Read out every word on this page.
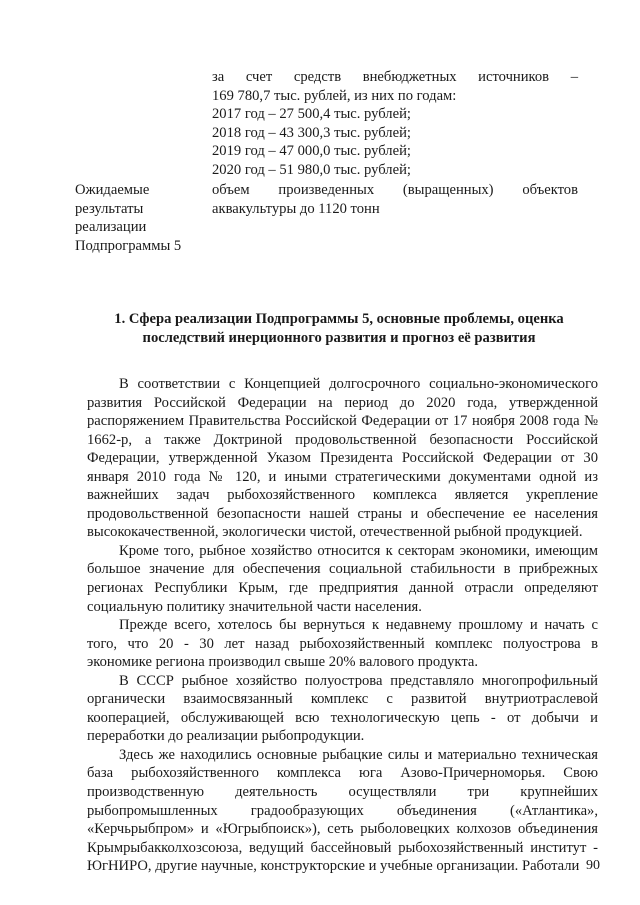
за счет средств внебюджетных источников –
169 780,7 тыс. рублей, из них по годам:
2017 год – 27 500,4 тыс. рублей;
2018 год – 43 300,3 тыс. рублей;
2019 год – 47 000,0 тыс. рублей;
2020 год – 51 980,0 тыс. рублей;
Ожидаемые
результаты
реализации
Подпрограммы 5
объем произведенных (выращенных) объектов
аквакультуры до 1120 тонн
1. Сфера реализации Подпрограммы 5, основные проблемы, оценка
последствий инерционного развития и прогноз её развития

В соответствии с Концепцией долгосрочного социально-экономического развития Российской Федерации на период до 2020 года, утвержденной распоряжением Правительства Российской Федерации от 17 ноября 2008 года № 1662-р, а также Доктриной продовольственной безопасности Российской Федерации, утвержденной Указом Президента Российской Федерации от 30 января 2010 года № 120, и иными стратегическими документами одной из важнейших задач рыбохозяйственного комплекса является укрепление продовольственной безопасности нашей страны и обеспечение ее населения высококачественной, экологически чистой, отечественной рыбной продукцией.

Кроме того, рыбное хозяйство относится к секторам экономики, имеющим большое значение для обеспечения социальной стабильности в прибрежных регионах Республики Крым, где предприятия данной отрасли определяют социальную политику значительной части населения.

Прежде всего, хотелось бы вернуться к недавнему прошлому и начать с того, что 20 - 30 лет назад рыбохозяйственный комплекс полуострова в экономике региона производил свыше 20% валового продукта.

В СССР рыбное хозяйство полуострова представляло многопрофильный органически взаимосвязанный комплекс с развитой внутриотраслевой кооперацией, обслуживающей всю технологическую цепь - от добычи и переработки до реализации рыбопродукции.

Здесь же находились основные рыбацкие силы и материально техническая база рыбохозяйственного комплекса юга Азово-Причерноморья. Свою производственную деятельность осуществляли три крупнейших рыбопромышленных градообразующих объединения («Атлантика», «Керчьрыбпром» и «Югрыбпоиск»), сеть рыболовецких колхозов объединения Крымрыбакколхозсоюза, ведущий бассейновый рыбохозяйственный институт - ЮгНИРО, другие научные, конструкторские и учебные организации. Работали 90
